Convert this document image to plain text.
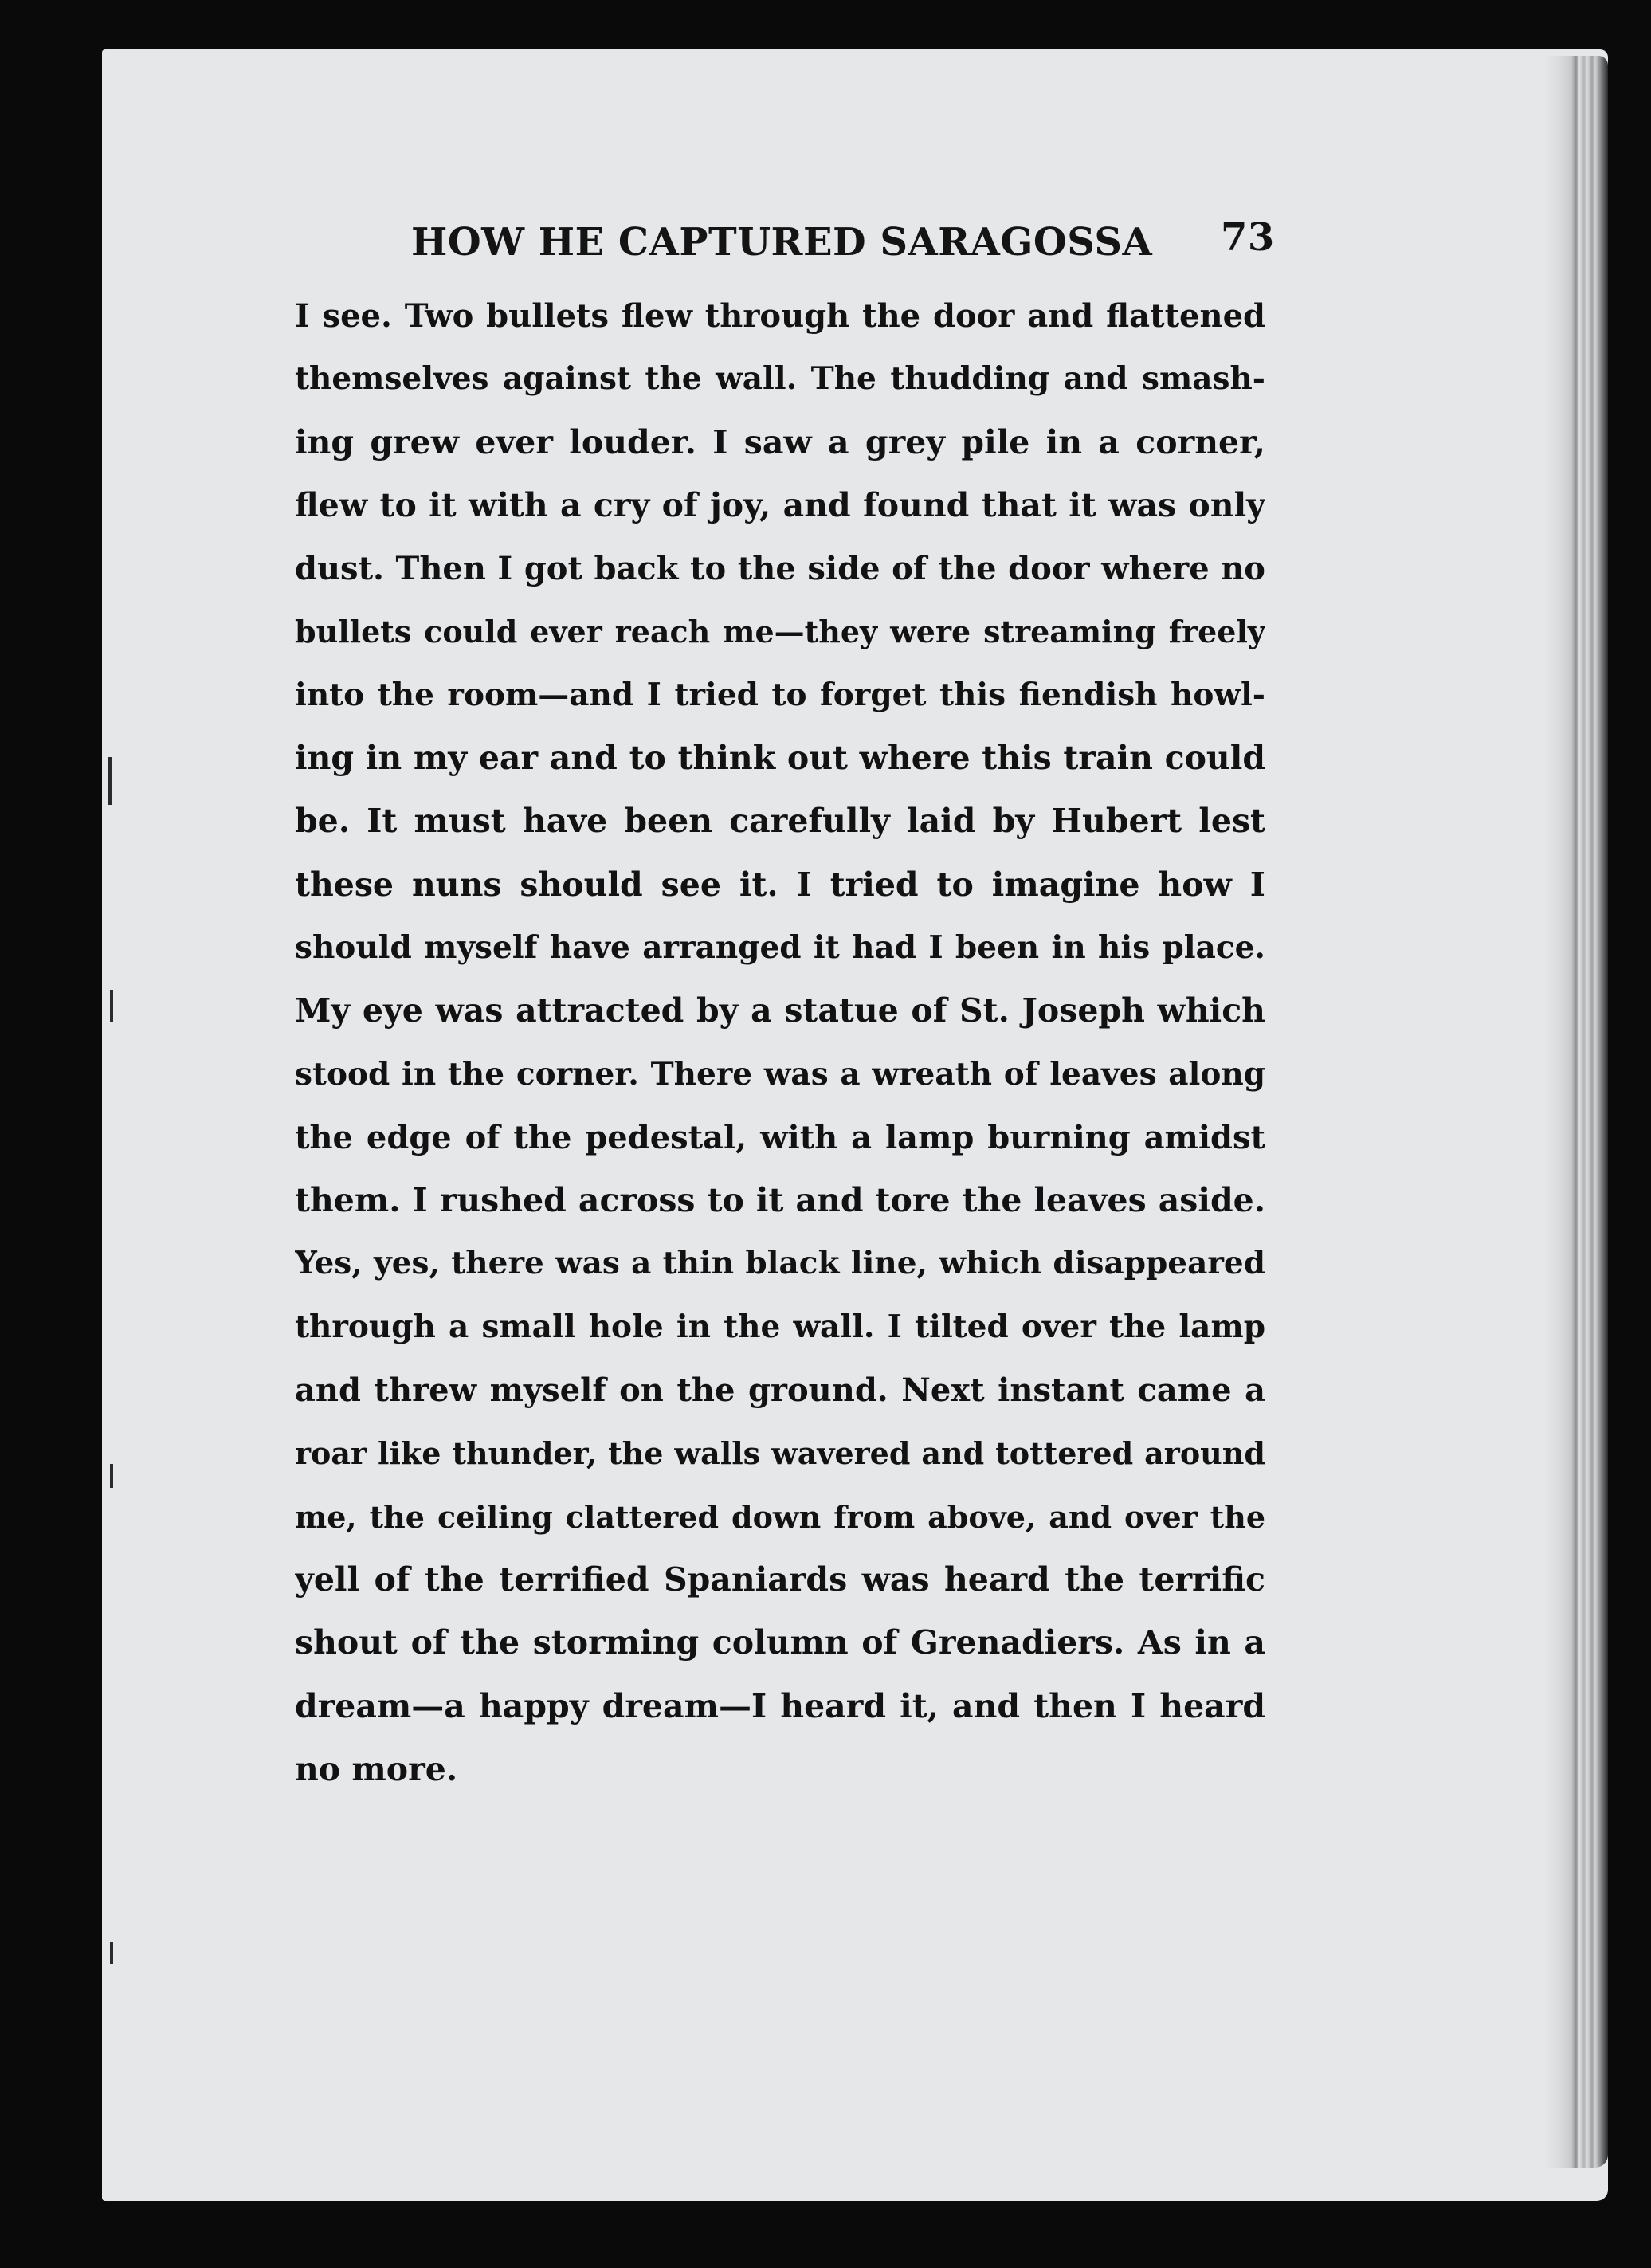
HOW HE CAPTURED SARAGOSSA 73
I see. Two bullets flew through the door and flattened
themselves against the wall. The thudding and smash-
ing grew ever louder. I saw a grey pile in a corner,
flew to it with a cry of joy, and found that it was only
dust. Then I got back to the side of the door where no
bullets could ever reach me—they were streaming freely
into the room—and I tried to forget this fiendish howl-
ing in my ear and to think out where this train could
be. It must have been carefully laid by Hubert lest
these nuns should see it. I tried to imagine how I
should myself have arranged it had I been in his place.
My eye was attracted by a statue of St. Joseph which
stood in the corner. There was a wreath of leaves along
the edge of the pedestal, with a lamp burning amidst
them. I rushed across to it and tore the leaves aside.
Yes, yes, there was a thin black line, which disappeared
through a small hole in the wall. I tilted over the lamp
and threw myself on the ground. Next instant came a
roar like thunder, the walls wavered and tottered around
me, the ceiling clattered down from above, and over the
yell of the terrified Spaniards was heard the terrific
shout of the storming column of Grenadiers. As in a
dream—a happy dream—I heard it, and then I heard
no more.
